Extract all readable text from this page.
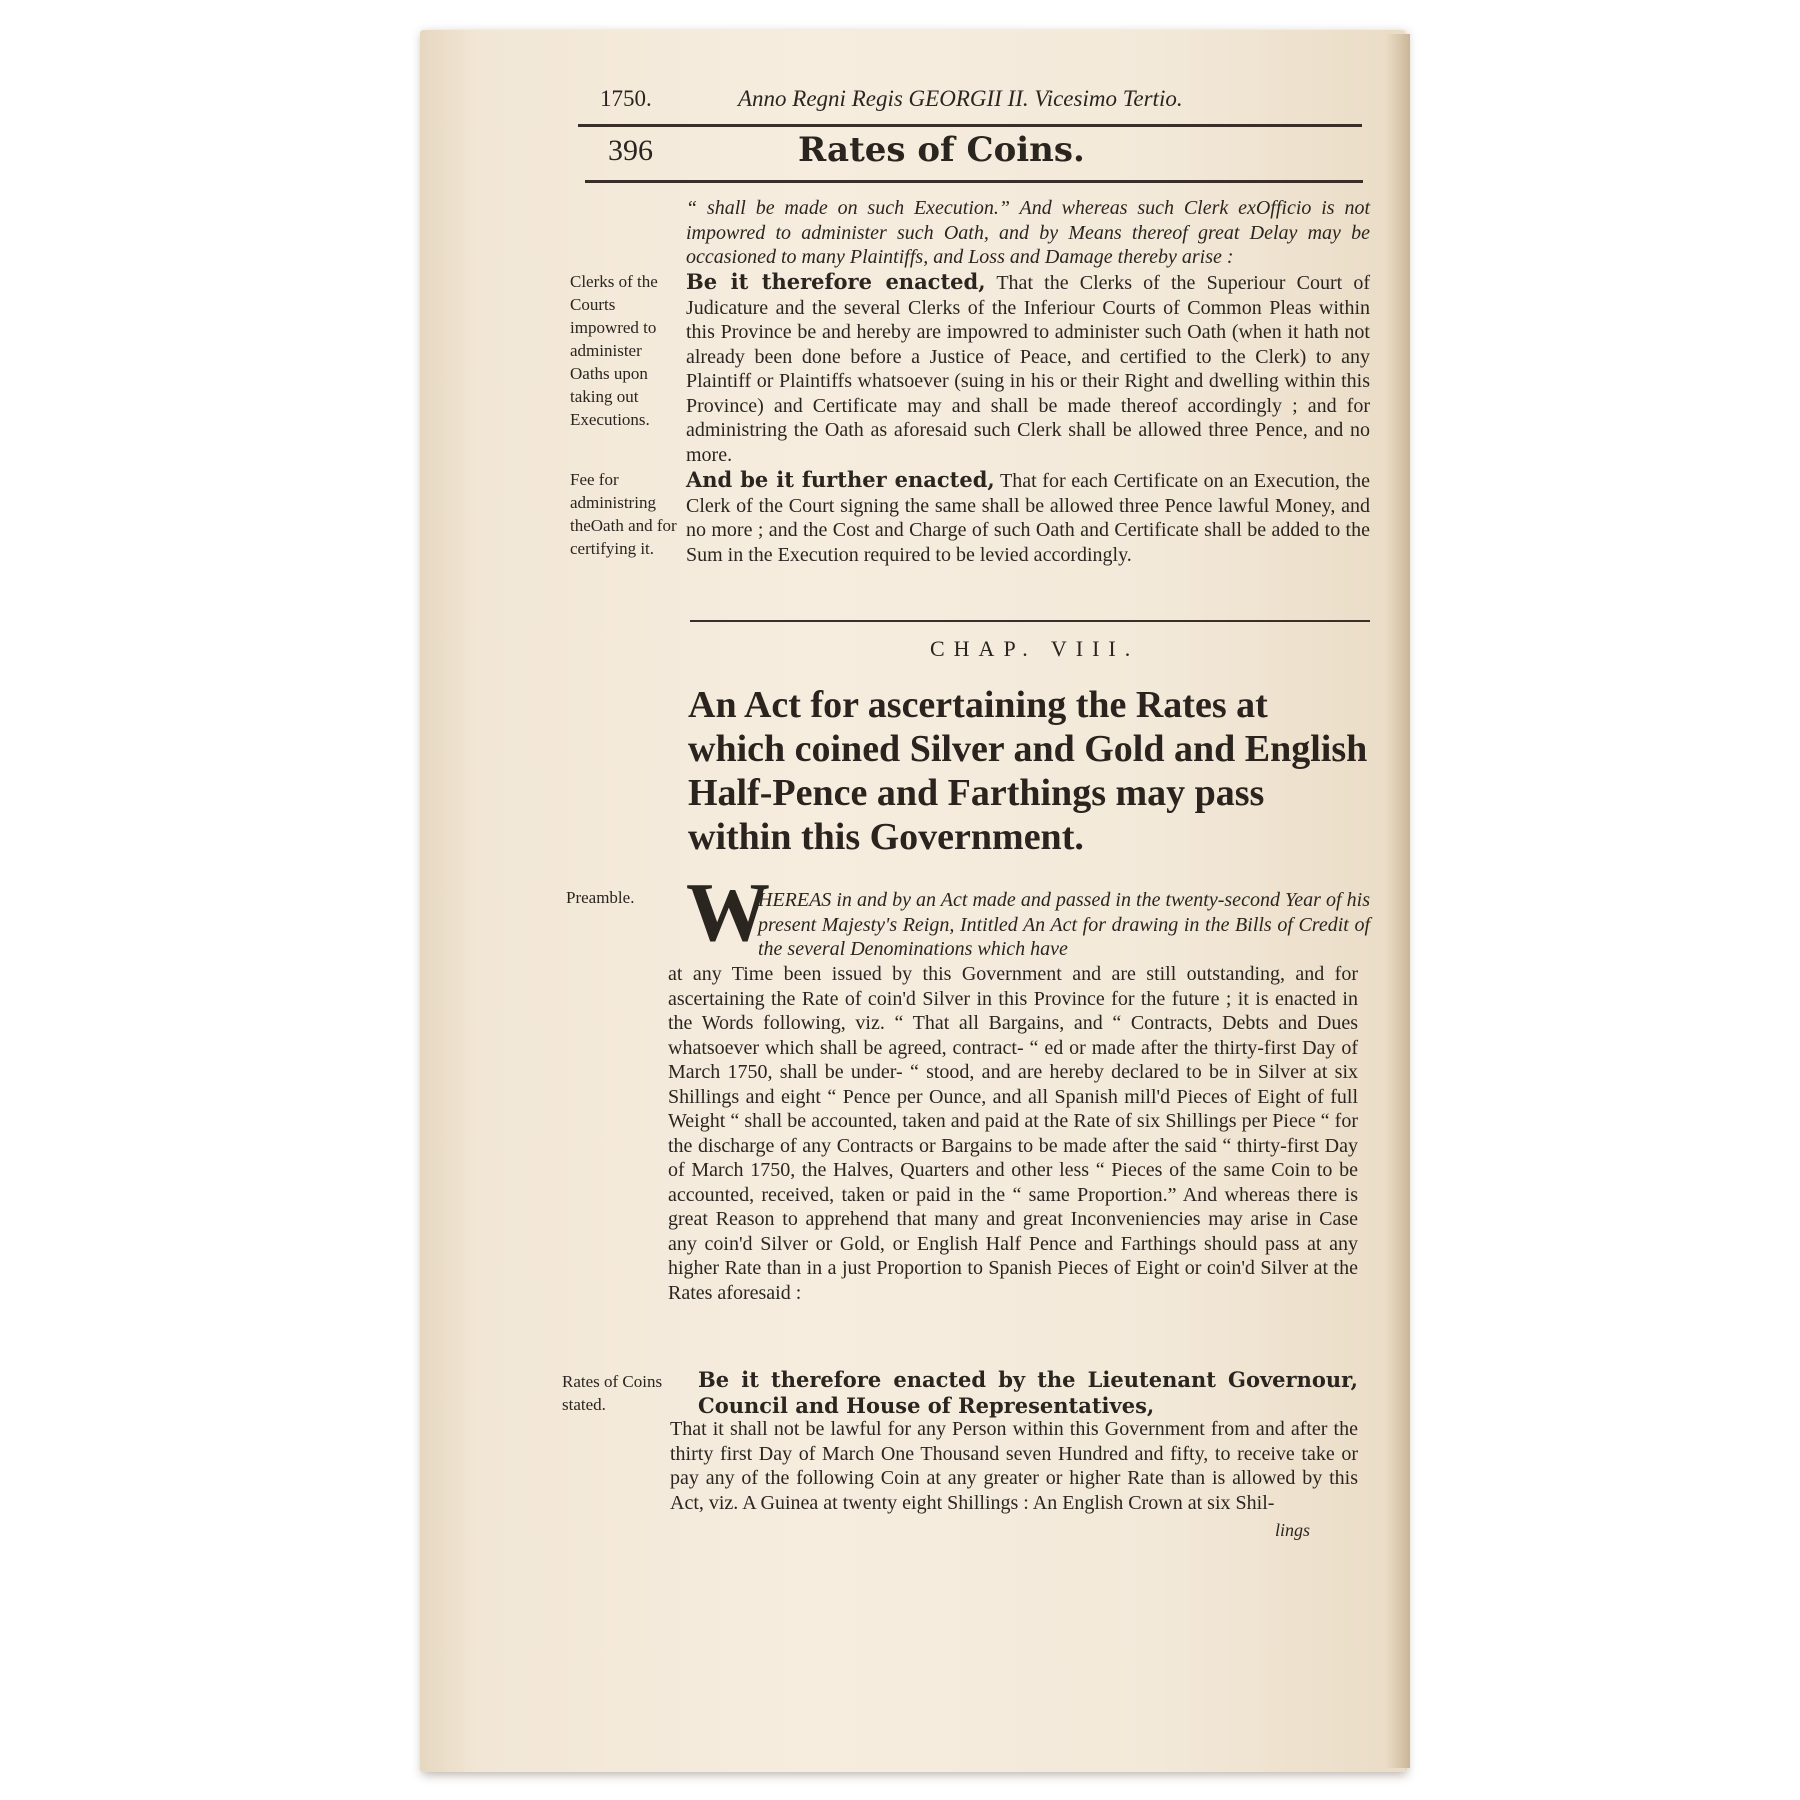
1750.	Anno Regni Regis GEORGII II. Vicesimo Tertio.
396	Rates of Coins.
“ shall be made on such Execution.” And whereas such Clerk exOfficio is not impowred to administer such Oath, and by Means thereof great Delay may be occasioned to many Plaintiffs, and Loss and Damage thereby arise :
Clerks of the Courts impowred to administer Oaths upon taking out Executions.
Be it therefore enacted, That the Clerks of the Superiour Court of Judicature and the several Clerks of the Inferiour Courts of Common Pleas within this Province be and hereby are impowred to administer such Oath (when it hath not already been done before a Justice of Peace, and certified to the Clerk) to any Plaintiff or Plaintiffs whatsoever (suing in his or their Right and dwelling within this Province) and Certificate may and shall be made thereof accordingly ; and for administring the Oath as aforesaid such Clerk shall be allowed three Pence, and no more.
Fee for administring theOath and for certifying it.
And be it further enacted, That for each Certificate on an Execution, the Clerk of the Court signing the same shall be allowed three Pence lawful Money, and no more ; and the Cost and Charge of such Oath and Certificate shall be added to the Sum in the Execution required to be levied accordingly.
CHAP. VIII.
An Act for ascertaining the Rates at which coined Silver and Gold and English Half-Pence and Farthings may pass within this Government.
Preamble. W
HEREAS in and by an Act made and passed in the twenty-second Year of his present Majesty's Reign, Intitled An Act for drawing in the Bills of Credit of the several Denominations which have
at any Time been issued by this Government and are still outstanding, and for ascertaining the Rate of coin'd Silver in this Province for the future ; it is enacted in the Words following, viz. “ That all Bargains, and “ Contracts, Debts and Dues whatsoever which shall be agreed, contract- “ ed or made after the thirty-first Day of March 1750, shall be under- “ stood, and are hereby declared to be in Silver at six Shillings and eight “ Pence per Ounce, and all Spanish mill'd Pieces of Eight of full Weight “ shall be accounted, taken and paid at the Rate of six Shillings per Piece “ for the discharge of any Contracts or Bargains to be made after the said “ thirty-first Day of March 1750, the Halves, Quarters and other less “ Pieces of the same Coin to be accounted, received, taken or paid in the “ same Proportion.” And whereas there is great Reason to apprehend that many and great Inconveniencies may arise in Case any coin'd Silver or Gold, or English Half Pence and Farthings should pass at any higher Rate than in a just Proportion to Spanish Pieces of Eight or coin'd Silver at the Rates aforesaid :
Rates of Coins stated.
Be it therefore enacted by the Lieutenant Governour, Council and House of Representatives,
That it shall not be lawful for any Person within this Government from and after the thirty first Day of March One Thousand seven Hundred and fifty, to receive take or pay any of the following Coin at any greater or higher Rate than is allowed by this Act, viz. A Guinea at twenty eight Shillings : An English Crown at six Shil-
lings
